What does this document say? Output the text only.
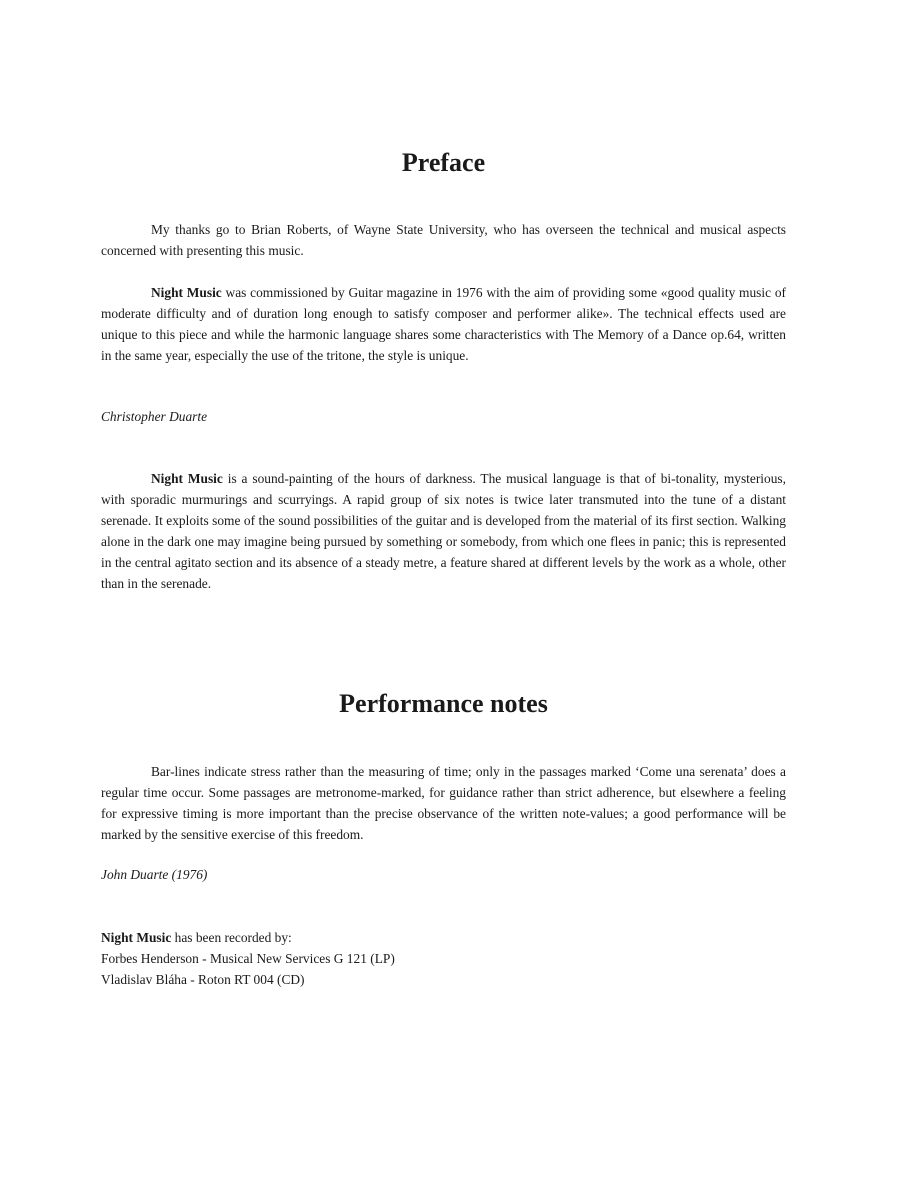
Preface

My thanks go to Brian Roberts, of Wayne State University, who has overseen the technical and musical aspects concerned with presenting this music.

Night Music was commissioned by Guitar magazine in 1976 with the aim of providing some «good quality music of moderate difficulty and of duration long enough to satisfy composer and performer alike». The technical effects used are unique to this piece and while the harmonic language shares some characteristics with The Memory of a Dance op.64, written in the same year, especially the use of the tritone, the style is unique.

Christopher Duarte

Night Music is a sound-painting of the hours of darkness. The musical language is that of bi-tonality, mysterious, with sporadic murmurings and scurryings. A rapid group of six notes is twice later transmuted into the tune of a distant serenade. It exploits some of the sound possibilities of the guitar and is developed from the material of its first section. Walking alone in the dark one may imagine being pursued by something or somebody, from which one flees in panic; this is represented in the central agitato section and its absence of a steady metre, a feature shared at different levels by the work as a whole, other than in the serenade.

Performance notes

Bar-lines indicate stress rather than the measuring of time; only in the passages marked ‘Come una serenata’ does a regular time occur. Some passages are metronome-marked, for guidance rather than strict adherence, but elsewhere a feeling for expressive timing is more important than the precise observance of the written note-values; a good performance will be marked by the sensitive exercise of this freedom.

John Duarte (1976)

Night Music has been recorded by:
Forbes Henderson - Musical New Services G 121 (LP)
Vladislav Bláha - Roton RT 004 (CD)
